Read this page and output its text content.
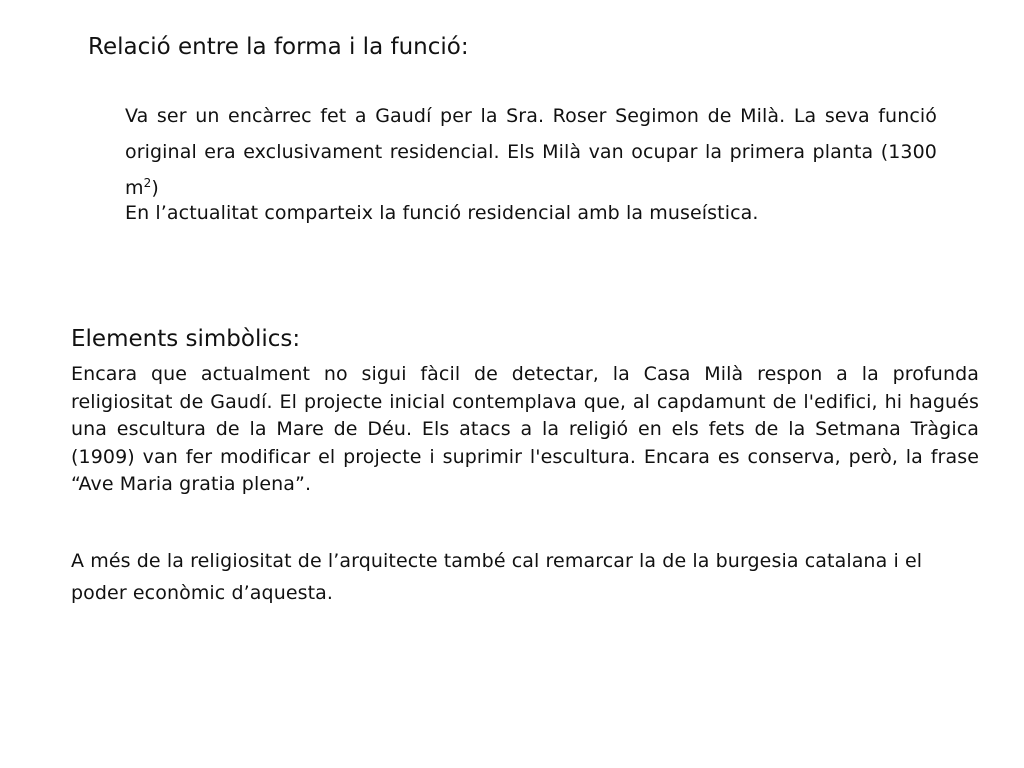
Relació entre la forma i la funció:

Va ser un encàrrec fet a Gaudí per la Sra. Roser Segimon de Milà. La seva funció original era exclusivament residencial. Els Milà van ocupar la primera planta (1300 $m^2$)

En l’actualitat comparteix la funció residencial amb la museística.

Elements simbòlics:

Encara que actualment no sigui fàcil de detectar, la Casa Milà respon a la profunda religiositat de Gaudí. El projecte inicial contemplava que, al capdamunt de l'edifici, hi hagués una escultura de la Mare de Déu. Els atacs a la religió en els fets de la Setmana Tràgica (1909) van fer modificar el projecte i suprimir l'escultura. Encara es conserva, però, la frase “Ave Maria gratia plena”.

A més de la religiositat de l’arquitecte també cal remarcar la de la burgesia catalana i el poder econòmic d’aquesta.
